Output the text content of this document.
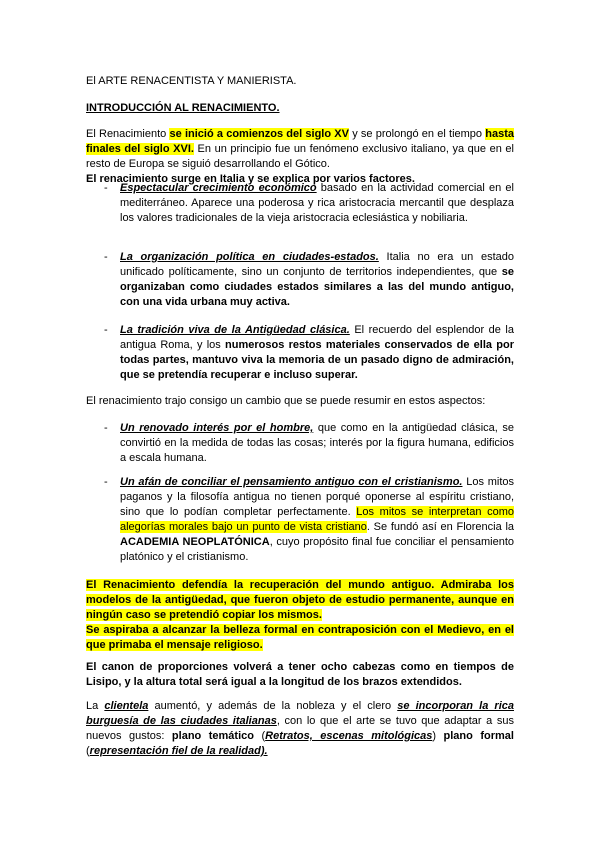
El ARTE RENACENTISTA Y MANIERISTA.

INTRODUCCIÓN AL RENACIMIENTO.

El Renacimiento se inició a comienzos del siglo XV y se prolongó en el tiempo hasta finales del siglo XVI. En un principio fue un fenómeno exclusivo italiano, ya que en el resto de Europa se siguió desarrollando el Gótico.
El renacimiento surge en Italia y se explica por varios factores.

- Espectacular crecimiento económico basado en la actividad comercial en el mediterráneo. Aparece una poderosa y rica aristocracia mercantil que desplaza los valores tradicionales de la vieja aristocracia eclesiástica y nobiliaria.

- La organización política en ciudades-estados. Italia no era un estado unificado políticamente, sino un conjunto de territorios independientes, que se organizaban como ciudades estados similares a las del mundo antiguo, con una vida urbana muy activa.

- La tradición viva de la Antigüedad clásica. El recuerdo del esplendor de la antigua Roma, y los numerosos restos materiales conservados de ella por todas partes, mantuvo viva la memoria de un pasado digno de admiración, que se pretendía recuperar e incluso superar.

El renacimiento trajo consigo un cambio que se puede resumir en estos aspectos:

- Un renovado interés por el hombre, que como en la antigüedad clásica, se convirtió en la medida de todas las cosas; interés por la figura humana, edificios a escala humana.

- Un afán de conciliar el pensamiento antiguo con el cristianismo. Los mitos paganos y la filosofía antigua no tienen porqué oponerse al espíritu cristiano, sino que lo podían completar perfectamente. Los mitos se interpretan como alegorías morales bajo un punto de vista cristiano. Se fundó así en Florencia la ACADEMIA NEOPLATÓNICA, cuyo propósito final fue conciliar el pensamiento platónico y el cristianismo.

El Renacimiento defendía la recuperación del mundo antiguo. Admiraba los modelos de la antigüedad, que fueron objeto de estudio permanente, aunque en ningún caso se pretendió copiar los mismos.
Se aspiraba a alcanzar la belleza formal en contraposición con el Medievo, en el que primaba el mensaje religioso.

El canon de proporciones volverá a tener ocho cabezas como en tiempos de Lisipo, y la altura total será igual a la longitud de los brazos extendidos.

La clientela aumentó, y además de la nobleza y el clero se incorporan la rica burguesía de las ciudades italianas, con lo que el arte se tuvo que adaptar a sus nuevos gustos: plano temático (Retratos, escenas mitológicas) plano formal (representación fiel de la realidad).
